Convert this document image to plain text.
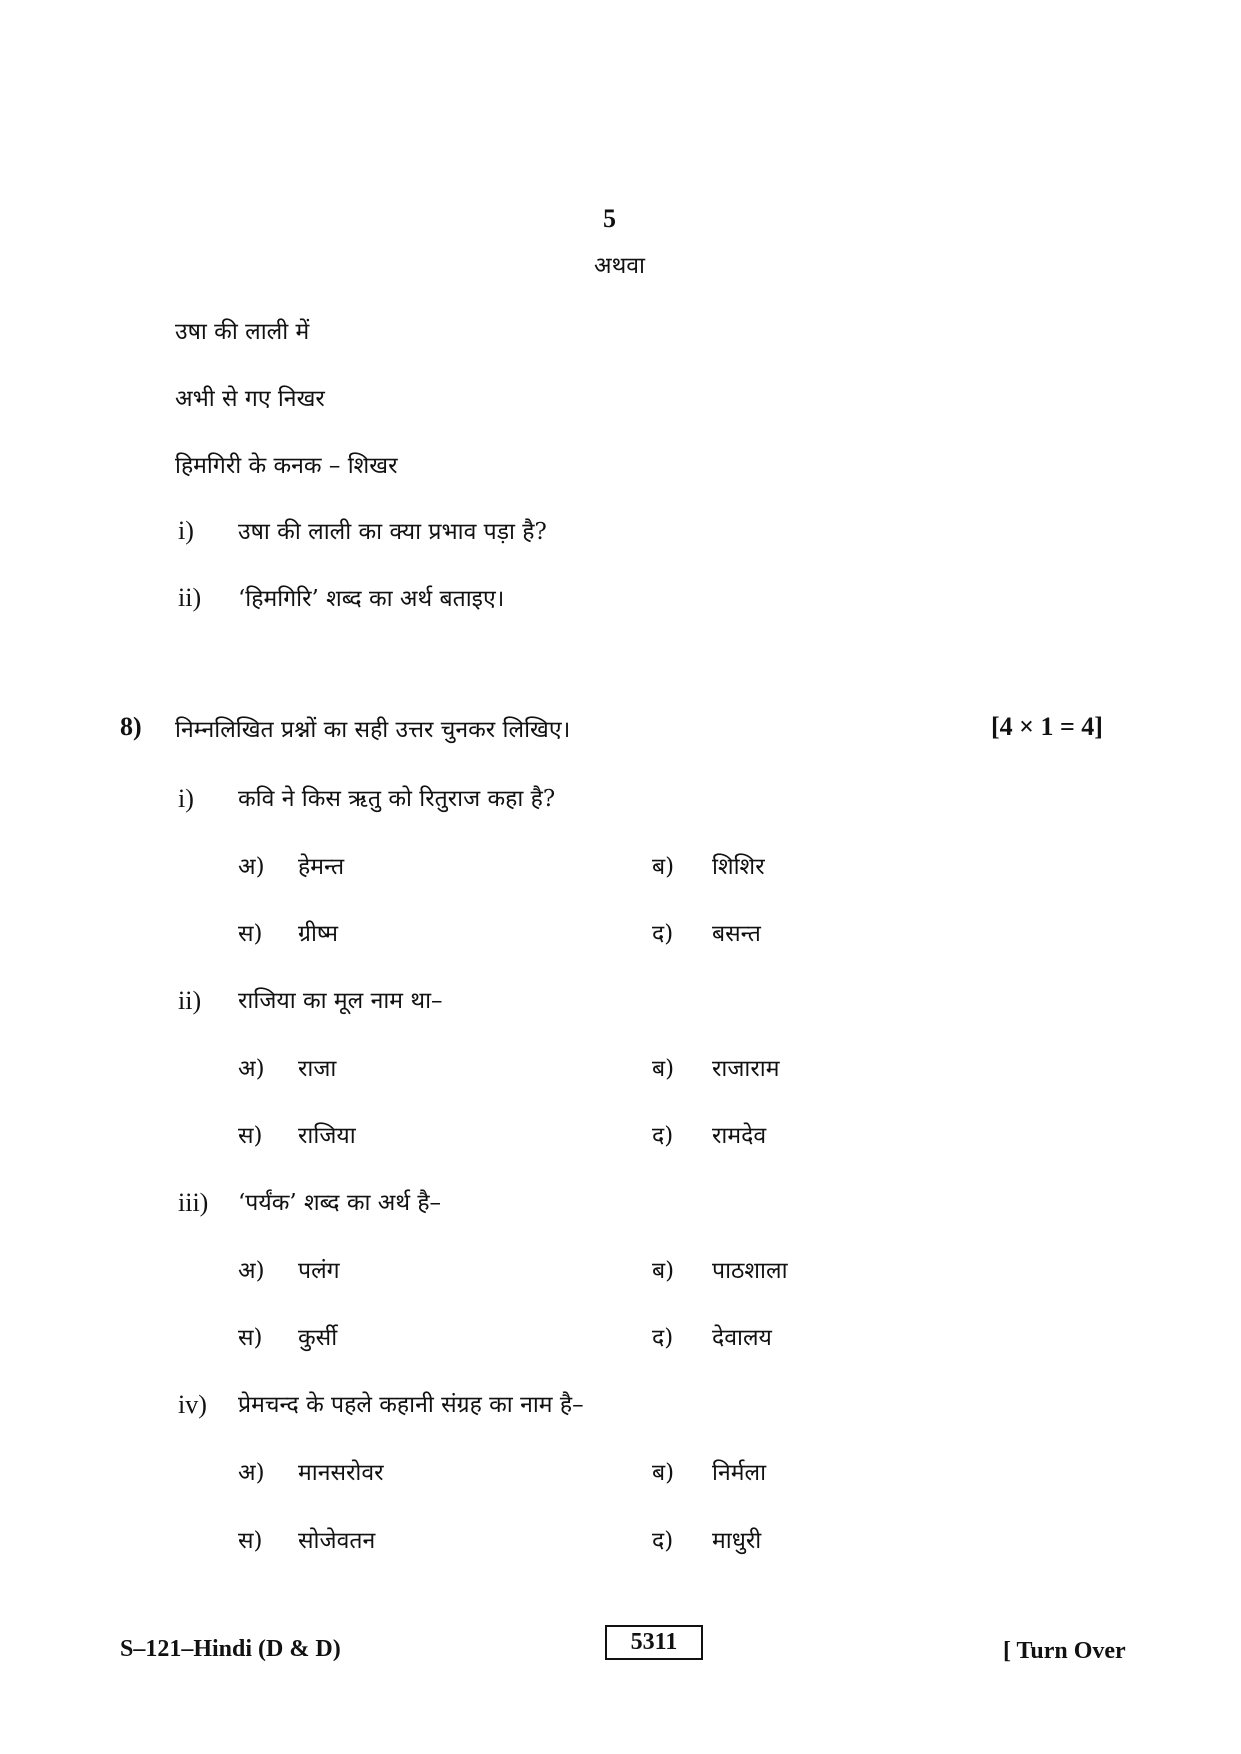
5
अथवा
उषा की लाली में
अभी से गए निखर
हिमगिरी के कनक – शिखर
i) उषा की लाली का क्या प्रभाव पड़ा है?
ii) ‘हिमगिरि’ शब्द का अर्थ बताइए।
8) निम्नलिखित प्रश्नों का सही उत्तर चुनकर लिखिए।	[4 × 1 = 4]
i) कवि ने किस ऋतु को रितुराज कहा है?
अ) हेमन्त	ब) शिशिर
स) ग्रीष्म	द) बसन्त
ii) राजिया का मूल नाम था–
अ) राजा	ब) राजाराम
स) राजिया	द) रामदेव
iii) ‘पर्यंक’ शब्द का अर्थ है–
अ) पलंग	ब) पाठशाला
स) कुर्सी	द) देवालय
iv) प्रेमचन्द के पहले कहानी संग्रह का नाम है–
अ) मानसरोवर	ब) निर्मला
स) सोजेवतन	द) माधुरी
S–121–Hindi (D & D)	5311	[ Turn Over
